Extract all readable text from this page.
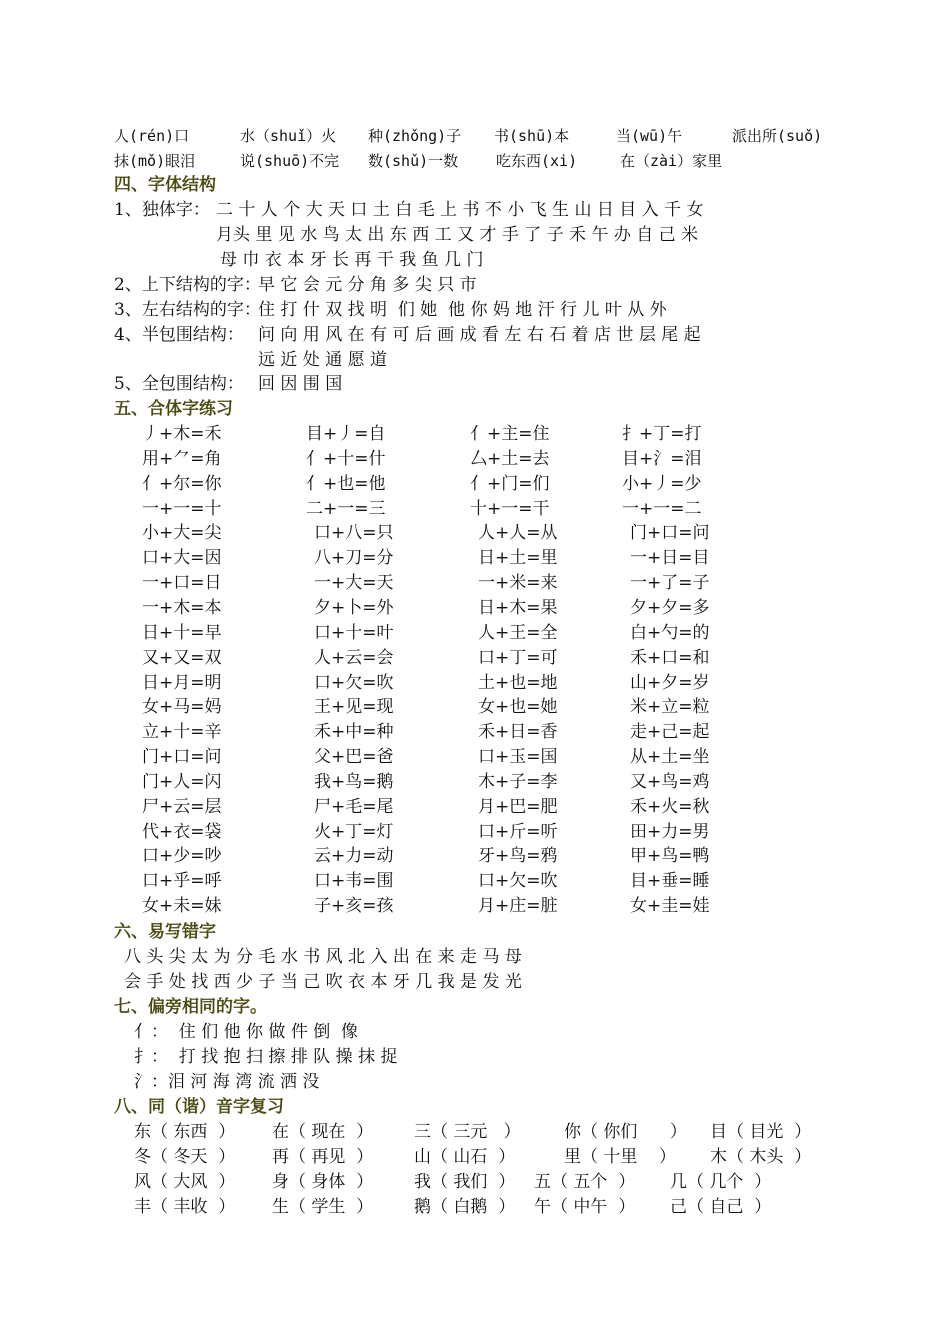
人(rén)口	水（shuǐ）火 种(zhǒng)子 书(shū)本	当(wū)午	派出所(suǒ)
抹(mǒ)眼泪	说(shuō)不完 数(shǔ)一数	吃东西(xi)	在（zài）家里
四、字体结构
1、独体字： 二 十 人 个 大 天 口 土 白 毛 上 书 不 小 飞 生 山 日 目 入 千 女
月头 里 见 水 鸟 太 出 东 西 工 又 才 手 了 子 禾 午 办 自 己 米
母 巾 衣 本 牙 长 再 干 我 鱼 几 门
2、上下结构的字：
早 它 会 元 分 角 多 尖 只 市
3、左右结构的字：
住 打 什 双 找 明  们 她  他 你 妈 地 汗 行 儿 叶 从 外
4、半包围结构： 问 向 用 风 在 有 可 后 画 成 看 左 右 石 着 店 世 层 尾 起
远 近 处 通 愿 道
5、全包围结构： 回 因 围 国
五、合体字练习
丿+木=禾	目+丿=自	亻+主=住	扌+丁=打
用+⺈=角	亻+十=什	厶+土=去	目+氵=泪
亻+尔=你	亻+也=他	亻+门=们	小+丿=少
一+一=十	二+一=三	十+一=干	一+一=二
小+大=尖	口+八=只	人+人=从	门+口=问
口+大=因	八+刀=分	日+土=里	一+日=目
一+口=日	一+大=天	一+米=来	一+了=子
一+木=本	夕+卜=外	日+木=果	夕+夕=多
日+十=早	口+十=叶	人+王=全	白+勺=的
又+又=双	人+云=会	口+丁=可	禾+口=和
日+月=明	口+欠=吹	土+也=地	山+夕=岁
女+马=妈	王+见=现	女+也=她	米+立=粒
立+十=辛	禾+中=种	禾+日=香	走+己=起
门+口=问	父+巴=爸	口+玉=国	从+土=坐
门+人=闪	我+鸟=鹅	木+子=李	又+鸟=鸡
尸+云=层	尸+毛=尾	月+巴=肥	禾+火=秋
代+衣=袋	火+丁=灯	口+斤=听	田+力=男
口+少=吵	云+力=动	牙+鸟=鸦	甲+鸟=鸭
口+乎=呼	口+韦=围	口+欠=吹	目+垂=睡
女+未=妹	子+亥=孩	月+庄=脏	女+圭=娃
六、易写错字
八 头 尖 太 为 分 毛 水 书 风 北 入 出 在 来 走 马 母
会 手 处 找 西 少 子 当 己 吹 衣 本 牙 几 我 是 发 光
七、偏旁相同的字。
亻：  住 们 他 你 做 件 倒  像
扌：  打 找 抱 扫 擦 排 队 操 抹 捉
氵：泪 河 海 湾 流 洒 没
八、同（谐）音字复习
东（ 东西  ） 在（ 现在  ） 三（ 三元   ）	你（ 你们      ） 目（ 目光  ）
冬（ 冬天  ） 再（ 再见  ） 山（ 山石  ）	里（ 十里    ） 木（ 木头  ）
风（ 大风  ） 身（ 身体  ） 我（ 我们  ） 五（ 五个  ） 几（ 几个  ）
丰（ 丰收  ） 生（ 学生  ） 鹅（ 白鹅  ） 午（ 中午  ） 己（ 自己  ）
